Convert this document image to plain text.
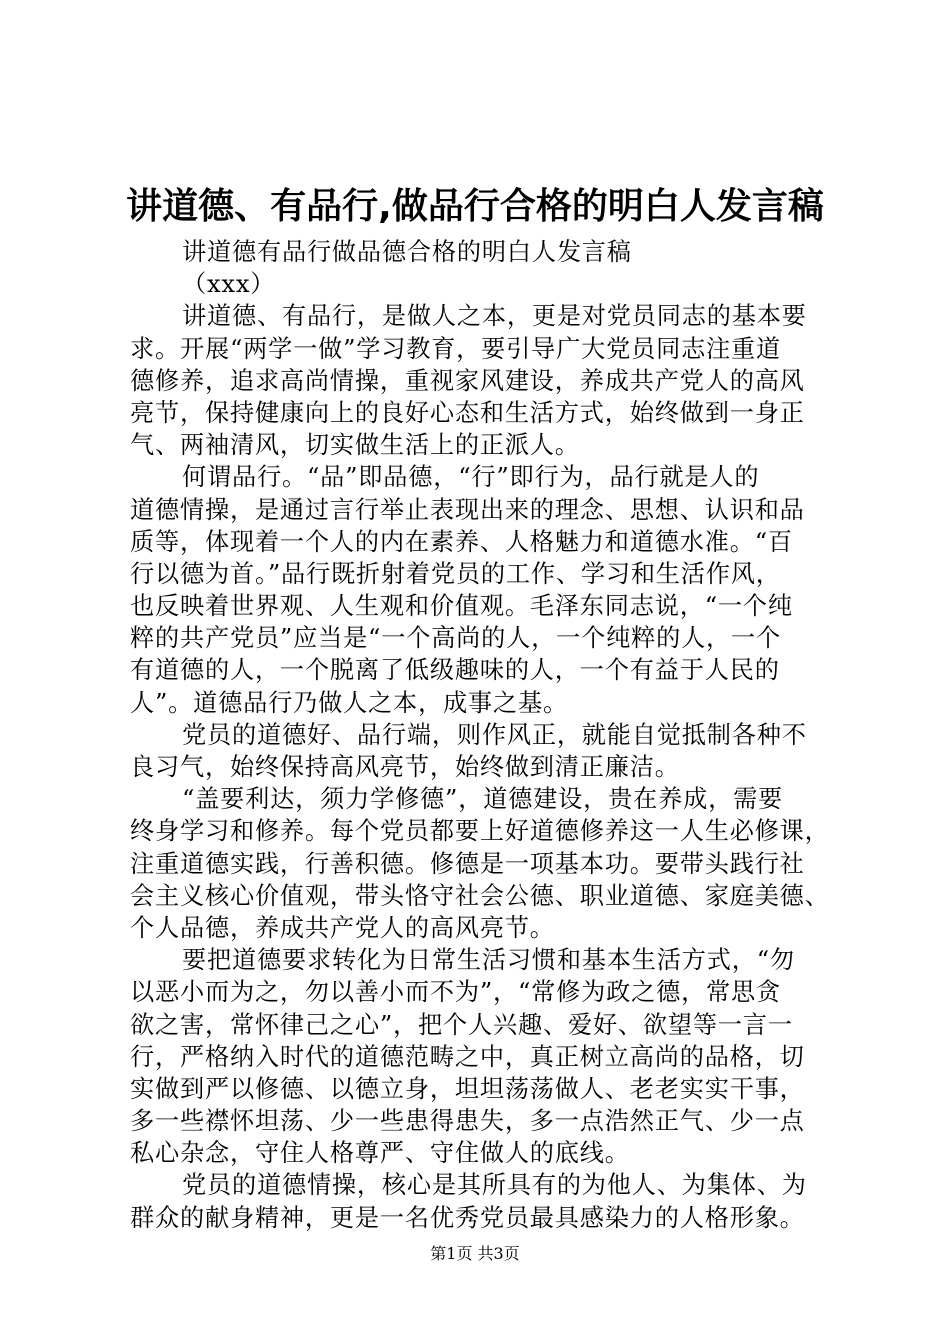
讲道德、有品行,做品行合格的明白人发言稿
讲道德有品行做品德合格的明白人发言稿
（xxx）
讲道德、有品行，是做人之本，更是对党员同志的基本要
求。开展“两学一做”学习教育，要引导广大党员同志注重道
德修养，追求高尚情操，重视家风建设，养成共产党人的高风
亮节，保持健康向上的良好心态和生活方式，始终做到一身正
气、两袖清风，切实做生活上的正派人。
何谓品行。“品”即品德，“行”即行为，品行就是人的
道德情操，是通过言行举止表现出来的理念、思想、认识和品
质等，体现着一个人的内在素养、人格魅力和道德水准。“百
行以德为首。”品行既折射着党员的工作、学习和生活作风，
也反映着世界观、人生观和价值观。毛泽东同志说，“一个纯
粹的共产党员”应当是“一个高尚的人，一个纯粹的人，一个
有道德的人，一个脱离了低级趣味的人，一个有益于人民的
人”。道德品行乃做人之本，成事之基。
党员的道德好、品行端，则作风正，就能自觉抵制各种不
良习气，始终保持高风亮节，始终做到清正廉洁。
“盖要利达，须力学修德”，道德建设，贵在养成，需要
终身学习和修养。每个党员都要上好道德修养这一人生必修课，
注重道德实践，行善积德。修德是一项基本功。要带头践行社
会主义核心价值观，带头恪守社会公德、职业道德、家庭美德、
个人品德，养成共产党人的高风亮节。
要把道德要求转化为日常生活习惯和基本生活方式，“勿
以恶小而为之，勿以善小而不为”，“常修为政之德，常思贪
欲之害，常怀律己之心”，把个人兴趣、爱好、欲望等一言一
行，严格纳入时代的道德范畴之中，真正树立高尚的品格，切
实做到严以修德、以德立身，坦坦荡荡做人、老老实实干事，
多一些襟怀坦荡、少一些患得患失，多一点浩然正气、少一点
私心杂念，守住人格尊严、守住做人的底线。
党员的道德情操，核心是其所具有的为他人、为集体、为
群众的献身精神，更是一名优秀党员最具感染力的人格形象。
第1页 共3页
